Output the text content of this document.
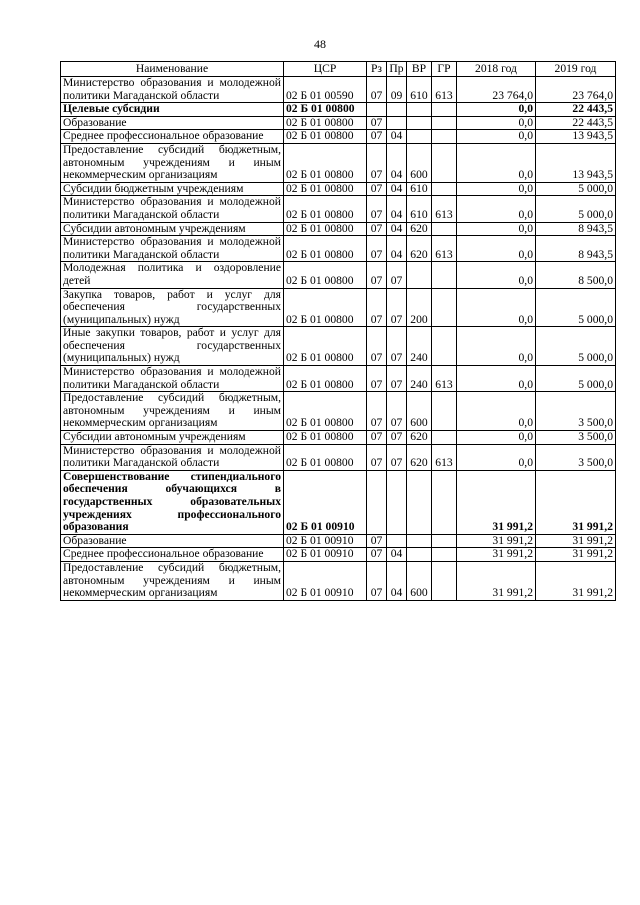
48
Наименование	ЦСР	Рз	Пр	ВР	ГР	2018 год	2019 год
Министерство образования и молодежной политики Магаданской области	02 Б 01 00590	07	09	610	613	23 764,0	23 764,0
Целевые субсидии	02 Б 01 00800					0,0	22 443,5
Образование	02 Б 01 00800	07				0,0	22 443,5
Среднее профессиональное образование	02 Б 01 00800	07	04			0,0	13 943,5
Предоставление субсидий бюджетным, автономным учреждениям и иным некоммерческим организациям	02 Б 01 00800	07	04	600		0,0	13 943,5
Субсидии бюджетным учреждениям	02 Б 01 00800	07	04	610		0,0	5 000,0
Министерство образования и молодежной политики Магаданской области	02 Б 01 00800	07	04	610	613	0,0	5 000,0
Субсидии автономным учреждениям	02 Б 01 00800	07	04	620		0,0	8 943,5
Министерство образования и молодежной политики Магаданской области	02 Б 01 00800	07	04	620	613	0,0	8 943,5
Молодежная политика и оздоровление детей	02 Б 01 00800	07	07			0,0	8 500,0
Закупка товаров, работ и услуг для обеспечения государственных (муниципальных) нужд	02 Б 01 00800	07	07	200		0,0	5 000,0
Иные закупки товаров, работ и услуг для обеспечения государственных (муниципальных) нужд	02 Б 01 00800	07	07	240		0,0	5 000,0
Министерство образования и молодежной политики Магаданской области	02 Б 01 00800	07	07	240	613	0,0	5 000,0
Предоставление субсидий бюджетным, автономным учреждениям и иным некоммерческим организациям	02 Б 01 00800	07	07	600		0,0	3 500,0
Субсидии автономным учреждениям	02 Б 01 00800	07	07	620		0,0	3 500,0
Министерство образования и молодежной политики Магаданской области	02 Б 01 00800	07	07	620	613	0,0	3 500,0
Совершенствование стипендиального обеспечения обучающихся в государственных образовательных учреждениях профессионального образования	02 Б 01 00910					31 991,2	31 991,2
Образование	02 Б 01 00910	07				31 991,2	31 991,2
Среднее профессиональное образование	02 Б 01 00910	07	04			31 991,2	31 991,2
Предоставление субсидий бюджетным, автономным учреждениям и иным некоммерческим организациям	02 Б 01 00910	07	04	600		31 991,2	31 991,2
